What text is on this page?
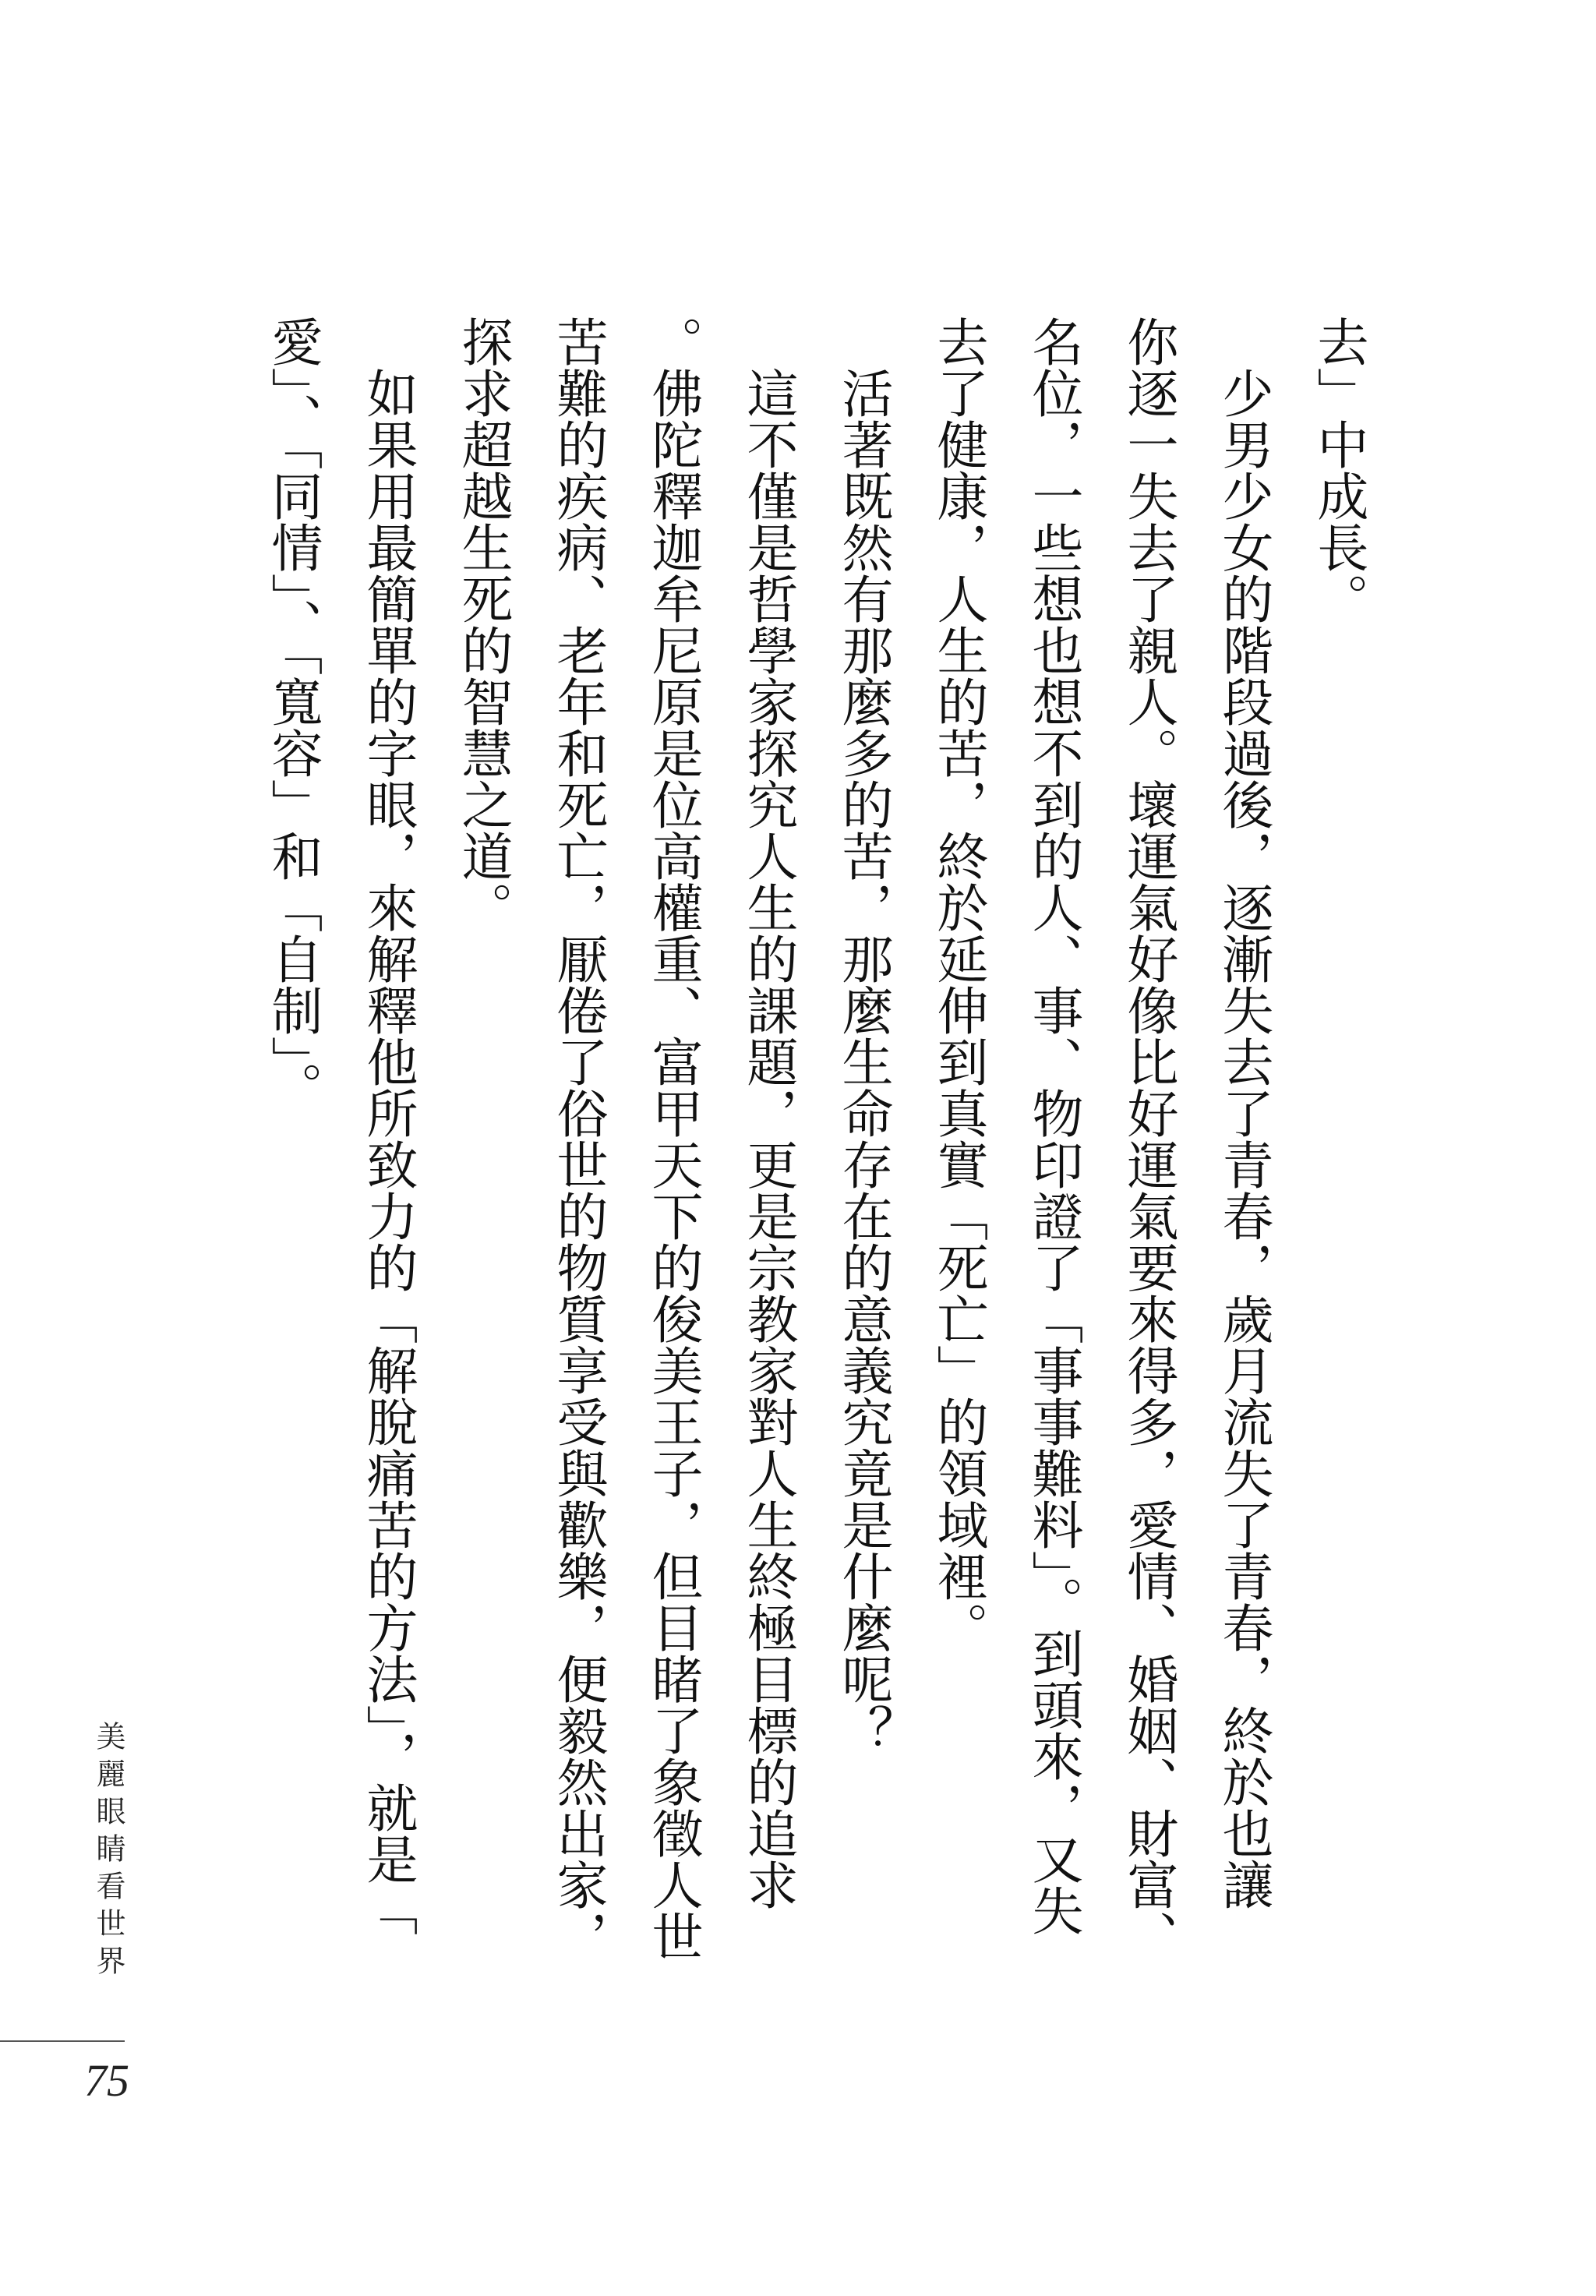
去」中成長。

　少男少女的階段過後，逐漸失去了青春，歲月流失了青春，終於也讓

你逐一失去了親人。壞運氣好像比好運氣要來得多，愛情、婚姻、財富、

名位，一些想也想不到的人、事、物印證了「事事難料」。到頭來，又失

去了健康，人生的苦，終於延伸到真實「死亡」的領域裡。

　活著既然有那麼多的苦，那麼生命存在的意義究竟是什麼呢？

　這不僅是哲學家探究人生的課題，更是宗教家對人生終極目標的追求

。佛陀釋迦牟尼原是位高權重、富甲天下的俊美王子，但目睹了象徵人世

苦難的疾病、老年和死亡，厭倦了俗世的物質享受與歡樂，便毅然出家，

探求超越生死的智慧之道。

　如果用最簡單的字眼，來解釋他所致力的「解脫痛苦的方法」，就是「

愛」、「同情」、「寬容」和「自制」。

美麗眼睛看世界
75
